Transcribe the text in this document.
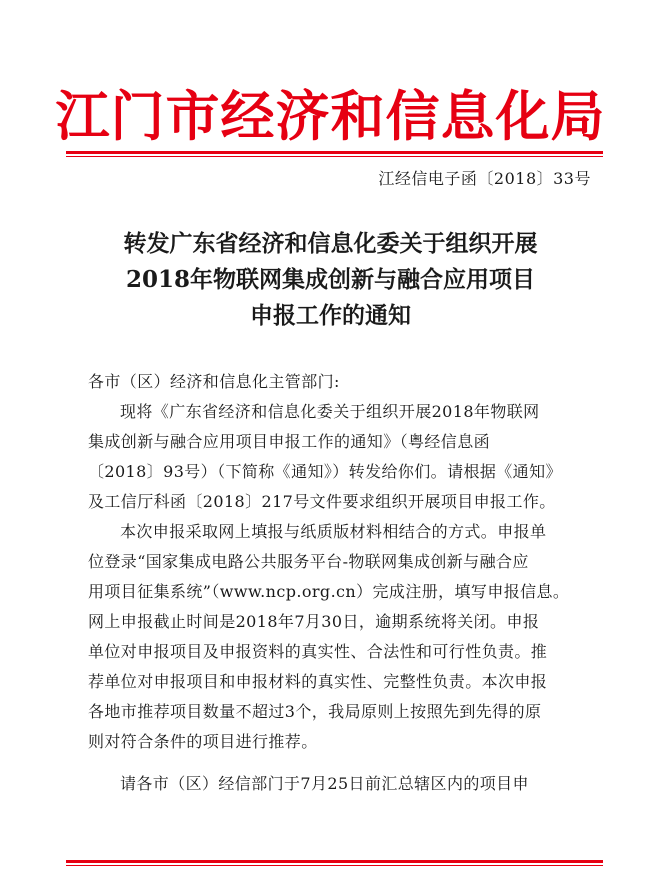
江门市经济和信息化局
江经信电子函〔2018〕33号
转发广东省经济和信息化委关于组织开展
2018年物联网集成创新与融合应用项目
申报工作的通知
各市（区）经济和信息化主管部门:
现将《广东省经济和信息化委关于组织开展2018年物联网
集成创新与融合应用项目申报工作的通知》（粤经信息函
〔2018〕93号）（下简称《通知》）转发给你们。请根据《通知》
及工信厅科函〔2018〕217号文件要求组织开展项目申报工作。
本次申报采取网上填报与纸质版材料相结合的方式。申报单
位登录“国家集成电路公共服务平台-物联网集成创新与融合应
用项目征集系统”（www.ncp.org.cn）完成注册，填写申报信息。
网上申报截止时间是2018年7月30日，逾期系统将关闭。申报
单位对申报项目及申报资料的真实性、合法性和可行性负责。推
荐单位对申报项目和申报材料的真实性、完整性负责。本次申报
各地市推荐项目数量不超过3个，我局原则上按照先到先得的原
则对符合条件的项目进行推荐。
请各市（区）经信部门于7月25日前汇总辖区内的项目申
